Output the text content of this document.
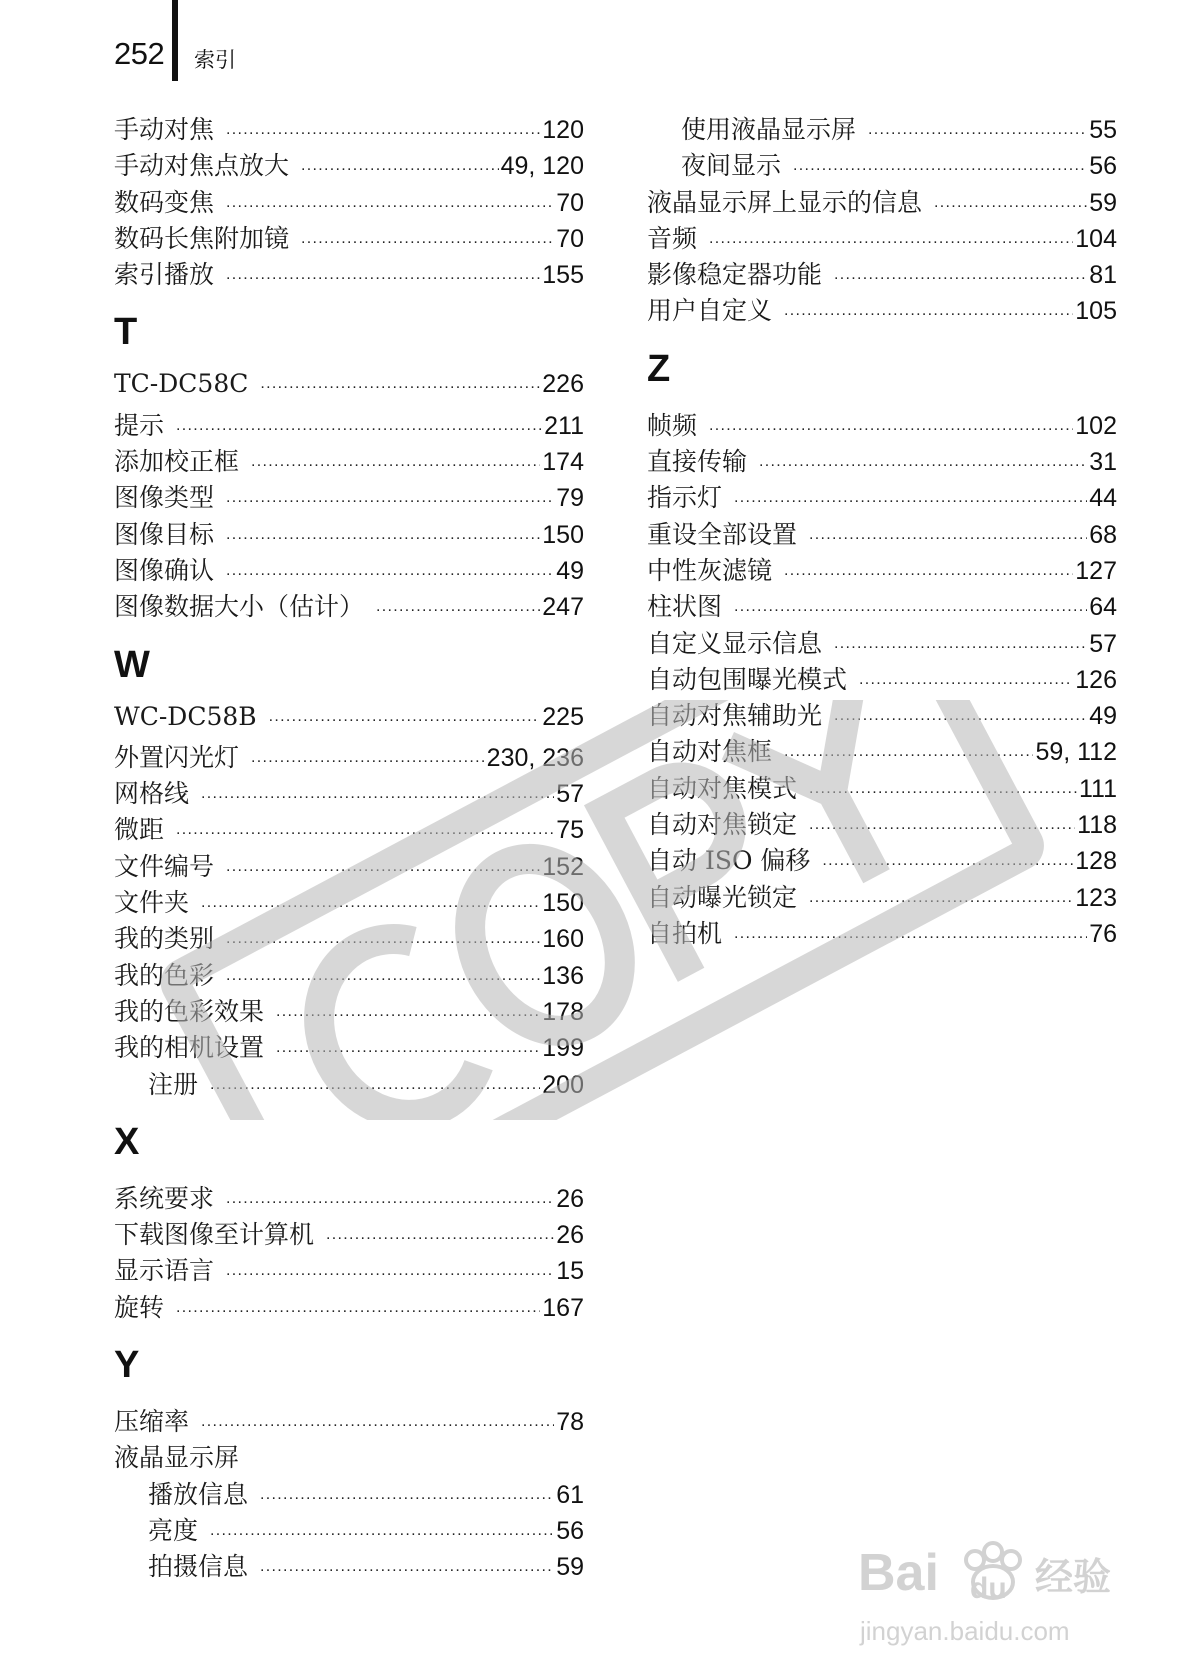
252 索引
手动对焦 .....	120
手动对焦点放大 .....	49, 120
数码变焦 .....	70
数码长焦附加镜 .....	70
索引播放 .....	155
T
TC-DC58C .....	226
提示 .....	211
添加校正框 .....	174
图像类型 .....	79
图像目标 .....	150
图像确认 .....	49
图像数据大小（估计） .....	247
W
WC-DC58B .....	225
外置闪光灯 .....	230, 236
网格线 .....	57
微距 .....	75
文件编号 .....	152
文件夹 .....	150
我的类别 .....	160
我的色彩 .....	136
我的色彩效果 .....	178
我的相机设置 .....	199
注册 .....	200
X
系统要求 .....	26
下载图像至计算机 .....	26
显示语言 .....	15
旋转 .....	167
Y
压缩率 .....	78
液晶显示屏
播放信息 .....	61
亮度 .....	56
拍摄信息 .....	59
使用液晶显示屏 .....	55
夜间显示 .....	56
液晶显示屏上显示的信息 .....	59
音频 .....	104
影像稳定器功能 .....	81
用户自定义 .....	105
Z
帧频 .....	102
直接传输 .....	31
指示灯 .....	44
重设全部设置 .....	68
中性灰滤镜 .....	127
柱状图 .....	64
自定义显示信息 .....	57
自动包围曝光模式 .....	126
自动对焦辅助光 .....	49
自动对焦框 .....	59, 112
自动对焦模式 .....	111
自动对焦锁定 .....	118
自动 ISO 偏移 .....	128
自动曝光锁定 .....	123
自拍机 .....	76
Bai du 经验
jingyan.baidu.com
